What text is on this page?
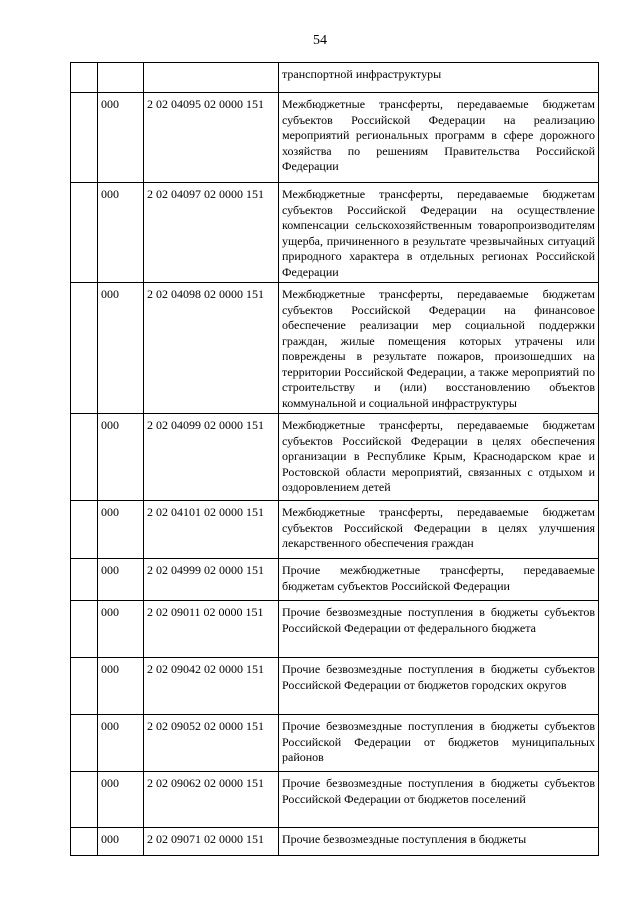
54
			транспортной инфраструктуры
	000	2 02 04095 02 0000 151	Межбюджетные трансферты, передаваемые бюджетам субъектов Российской Федерации на реализацию мероприятий региональных программ в сфере дорожного хозяйства по решениям Правительства Российской Федерации
	000	2 02 04097 02 0000 151	Межбюджетные трансферты, передаваемые бюджетам субъектов Российской Федерации на осуществление компенсации сельскохозяйственным товаропроизводителям ущерба, причиненного в результате чрезвычайных ситуаций природного характера в отдельных регионах Российской Федерации
	000	2 02 04098 02 0000 151	Межбюджетные трансферты, передаваемые бюджетам субъектов Российской Федерации на финансовое обеспечение реализации мер социальной поддержки граждан, жилые помещения которых утрачены или повреждены в результате пожаров, произошедших на территории Российской Федерации, а также мероприятий по строительству и (или) восстановлению объектов коммунальной и социальной инфраструктуры
	000	2 02 04099 02 0000 151	Межбюджетные трансферты, передаваемые бюджетам субъектов Российской Федерации в целях обеспечения организации в Республике Крым, Краснодарском крае и Ростовской области мероприятий, связанных с отдыхом и оздоровлением детей
	000	2 02 04101 02 0000 151	Межбюджетные трансферты, передаваемые бюджетам субъектов Российской Федерации в целях улучшения лекарственного обеспечения граждан
	000	2 02 04999 02 0000 151	Прочие межбюджетные трансферты, передаваемые бюджетам субъектов Российской Федерации
	000	2 02 09011 02 0000 151	Прочие безвозмездные поступления в бюджеты субъектов Российской Федерации от федерального бюджета
	000	2 02 09042 02 0000 151	Прочие безвозмездные поступления в бюджеты субъектов Российской Федерации от бюджетов городских округов
	000	2 02 09052 02 0000 151	Прочие безвозмездные поступления в бюджеты субъектов Российской Федерации от бюджетов муниципальных районов
	000	2 02 09062 02 0000 151	Прочие безвозмездные поступления в бюджеты субъектов Российской Федерации от бюджетов поселений
	000	2 02 09071 02 0000 151	Прочие безвозмездные поступления в бюджеты
